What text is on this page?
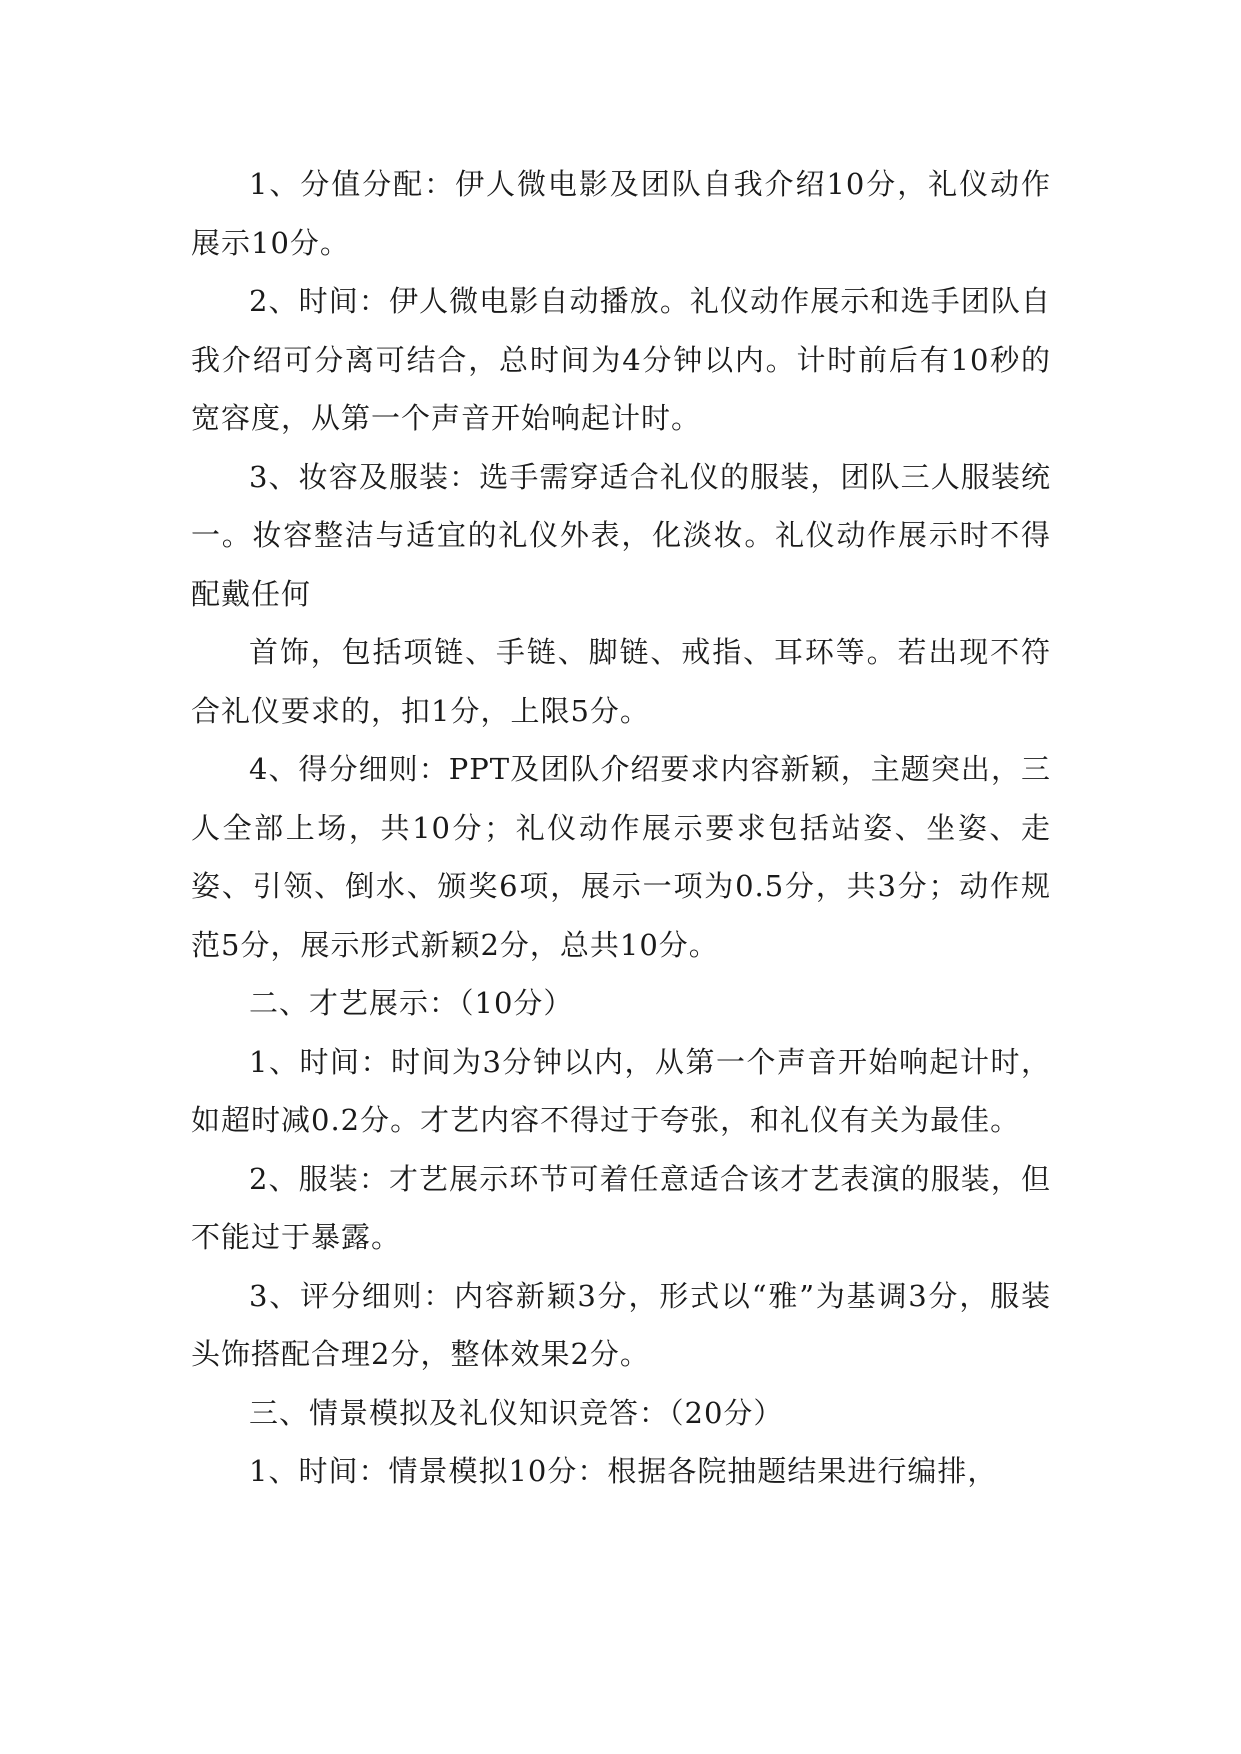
1、分值分配：伊人微电影及团队自我介绍10分，礼仪动作展示10分。

2、时间：伊人微电影自动播放。礼仪动作展示和选手团队自我介绍可分离可结合，总时间为4分钟以内。计时前后有10秒的宽容度，从第一个声音开始响起计时。

3、妆容及服装：选手需穿适合礼仪的服装，团队三人服装统一。妆容整洁与适宜的礼仪外表，化淡妆。礼仪动作展示时不得配戴任何

首饰，包括项链、手链、脚链、戒指、耳环等。若出现不符合礼仪要求的，扣1分，上限5分。

4、得分细则：PPT及团队介绍要求内容新颖，主题突出，三人全部上场，共10分；礼仪动作展示要求包括站姿、坐姿、走姿、引领、倒水、颁奖6项，展示一项为0.5分，共3分；动作规范5分，展示形式新颖2分，总共10分。

二、才艺展示：（10分）

1、时间：时间为3分钟以内，从第一个声音开始响起计时，如超时减0.2分。才艺内容不得过于夸张，和礼仪有关为最佳。

2、服装：才艺展示环节可着任意适合该才艺表演的服装，但不能过于暴露。

3、评分细则：内容新颖3分，形式以“雅”为基调3分，服装头饰搭配合理2分，整体效果2分。

三、情景模拟及礼仪知识竞答：（20分）

1、时间：情景模拟10分：根据各院抽题结果进行编排，
